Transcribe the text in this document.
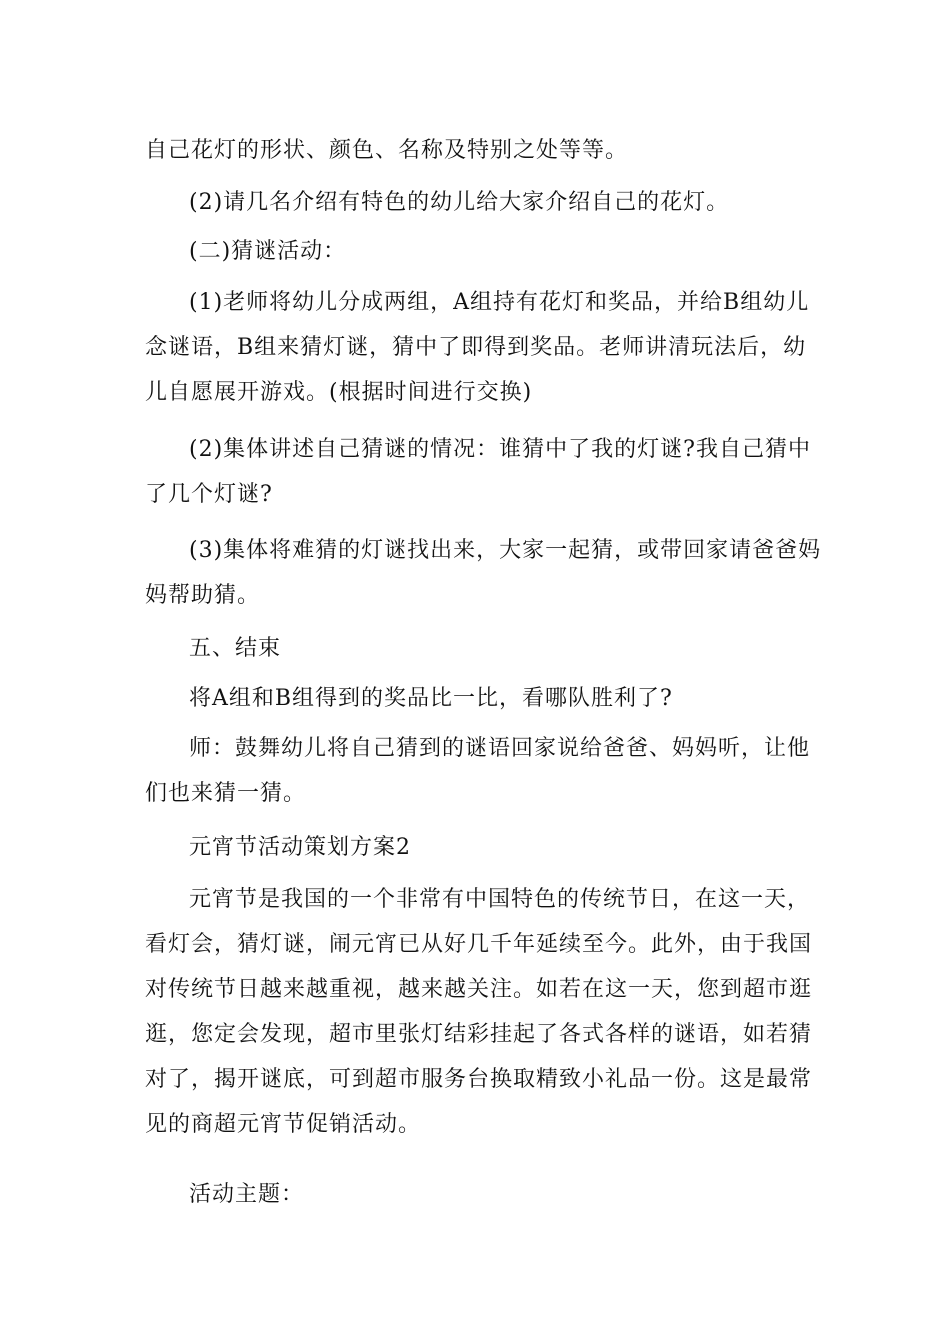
自己花灯的形状、颜色、名称及特别之处等等。
(2)请几名介绍有特色的幼儿给大家介绍自己的花灯。
(二)猜谜活动：
(1)老师将幼儿分成两组，A组持有花灯和奖品，并给B组幼儿
念谜语，B组来猜灯谜，猜中了即得到奖品。老师讲清玩法后，幼
儿自愿展开游戏。(根据时间进行交换)
(2)集体讲述自己猜谜的情况：谁猜中了我的灯谜?我自己猜中
了几个灯谜?
(3)集体将难猜的灯谜找出来，大家一起猜，或带回家请爸爸妈
妈帮助猜。
五、结束
将A组和B组得到的奖品比一比，看哪队胜利了?
师：鼓舞幼儿将自己猜到的谜语回家说给爸爸、妈妈听，让他
们也来猜一猜。
元宵节活动策划方案2
元宵节是我国的一个非常有中国特色的传统节日，在这一天，
看灯会，猜灯谜，闹元宵已从好几千年延续至今。此外，由于我国
对传统节日越来越重视，越来越关注。如若在这一天，您到超市逛
逛，您定会发现，超市里张灯结彩挂起了各式各样的谜语，如若猜
对了，揭开谜底，可到超市服务台换取精致小礼品一份。这是最常
见的商超元宵节促销活动。
活动主题：
